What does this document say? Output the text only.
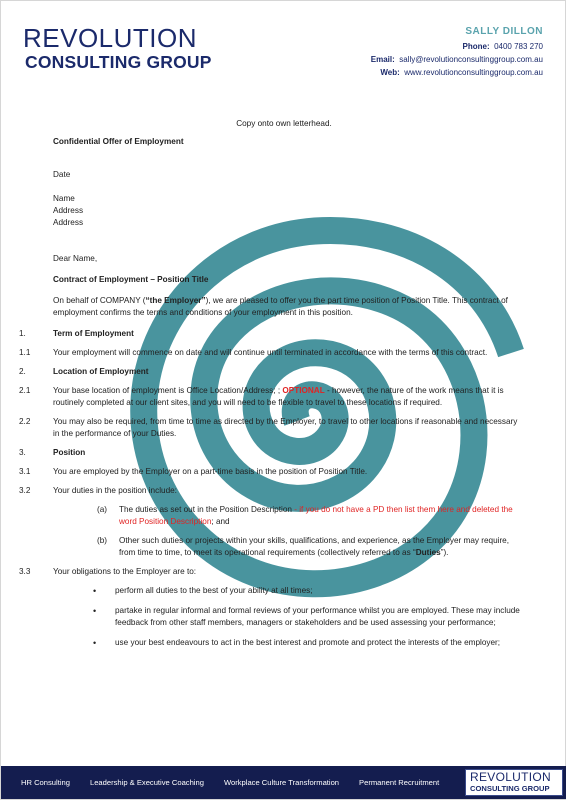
REVOLUTION
CONSULTING GROUP
SALLY DILLON
Phone: 0400 783 270
Email: sally@revolutionconsultinggroup.com.au
Web: www.revolutionconsultinggroup.com.au
Copy onto own letterhead.
Confidential Offer of Employment
Date
Name
Address
Address
Dear Name,
Contract of Employment – Position Title
On behalf of COMPANY (“the Employer”), we are pleased to offer you the part time position of Position Title. This contract of employment confirms the terms and conditions of your employment in this position.
1.	Term of Employment
1.1	Your employment will commence on date and will continue until terminated in accordance with the terms of this contract.
2.	Location of Employment
2.1	Your base location of employment is Office Location/Address; ; OPTIONAL - however, the nature of the work means that it is routinely completed at our client sites, and you will need to be flexible to travel to these locations if required.
2.2	You may also be required, from time to time as directed by the Employer, to travel to other locations if reasonable and necessary in the performance of your Duties.
3.	Position
3.1	You are employed by the Employer on a part-time basis in the position of Position Title.
3.2	Your duties in the position include:
(a)	The duties as set out in the Position Description - if you do not have a PD then list them here and deleted the word Position Description; and
(b)	Other such duties or projects within your skills, qualifications, and experience, as the Employer may require, from time to time, to meet its operational requirements (collectively referred to as “Duties”).
3.3	Your obligations to the Employer are to:
•	perform all duties to the best of your ability at all times;
•	partake in regular informal and formal reviews of your performance whilst you are employed. These may include feedback from other staff members, managers or stakeholders and be used assessing your performance;
•	use your best endeavours to act in the best interest and promote and protect the interests of the employer;
HR Consulting	Leadership & Executive Coaching	Workplace Culture Transformation	Permanent Recruitment	REVOLUTION
CONSULTING GROUP
